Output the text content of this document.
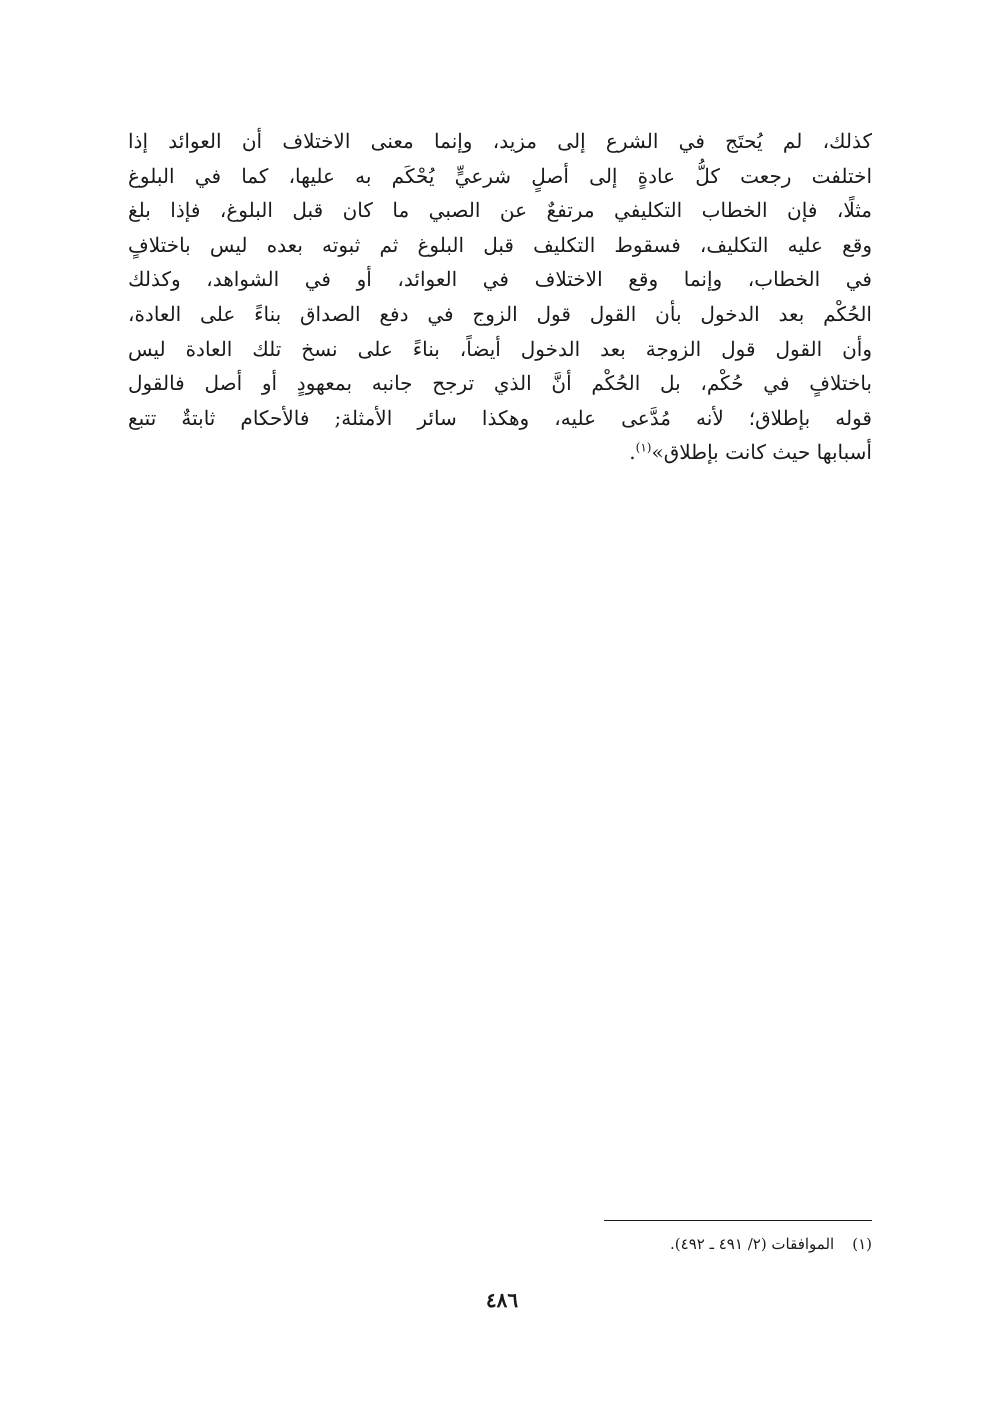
كذلك، لم يُحتَج في الشرع إلى مزيد، وإنما معنى الاختلاف أن العوائد إذا
اختلفت رجعت كلُّ عادةٍ إلى أصلٍ شرعيٍّ يُحْكَم به عليها، كما في البلوغ
مثلًا، فإن الخطاب التكليفي مرتفعٌ عن الصبي ما كان قبل البلوغ، فإذا بلغ
وقع عليه التكليف، فسقوط التكليف قبل البلوغ ثم ثبوته بعده ليس باختلافٍ
في الخطاب، وإنما وقع الاختلاف في العوائد، أو في الشواهد، وكذلك
الحُكْم بعد الدخول بأن القول قول الزوج في دفع الصداق بناءً على العادة،
وأن القول قول الزوجة بعد الدخول أيضاً، بناءً على نسخ تلك العادة ليس
باختلافٍ في حُكْم، بل الحُكْم أنَّ الذي ترجح جانبه بمعهودٍ أو أصل فالقول
قوله بإطلاق؛ لأنه مُدَّعى عليه، وهكذا سائر الأمثلة; فالأحكام ثابتةٌ تتبع
أسبابها حيث كانت بإطلاق»$^{(١)}$.
(١)الموافقات (٢/ ٤٩١ ـ ٤٩٢).
٤٨٦
